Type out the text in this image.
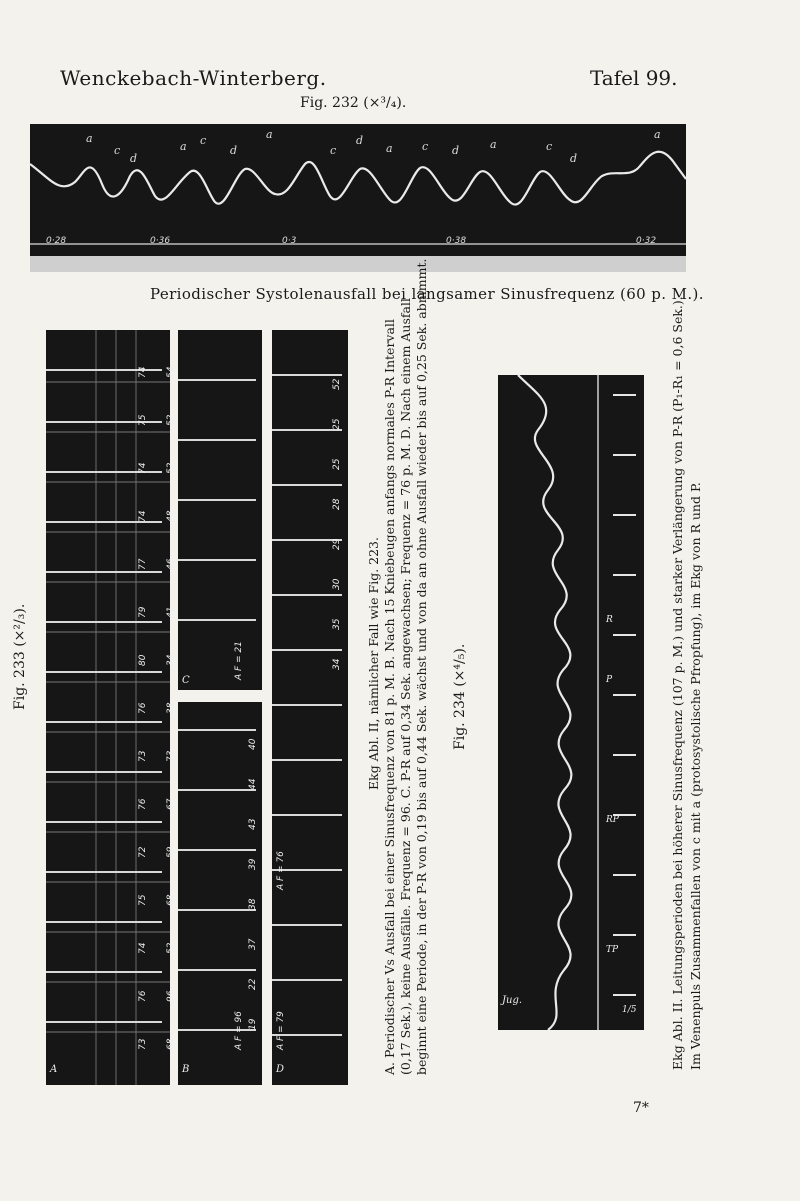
Wenckebach-Winterberg.	Tafel 99.
Fig. 232 (×³/₄).
0·28	0·36	0·3	0·38	0·32
a
c
d
a c
d
a
c
d
a	c d	a	c
d
a
Periodischer Systolenausfall bei langsamer Sinusfrequenz (60 p. M.).
Fig. 233 (×²/₃).
A
73
76
74
75
72
76
73
76
80
79
77
74
74
75
74
68
96
52
68
59
67
73
38
34
41
46
48
52
52
54
C
B
A F = 21
A F = 96 19
22
37
38
39
43
44
40
D
A F = 79
A F = 76
34
35
30
29
28
25
25
52
Ekg Abl. II, nämlicher Fall wie Fig. 223. A. Periodischer Vs Ausfall bei einer Sinusfrequenz von 81 p. M. B. Nach 15 Kniebeugen anfangs normales P-R Intervall (0,17 Sek.), keine Ausfälle. Frequenz = 96. C. P-R auf 0,34 Sek. angewachsen; Frequenz = 76 p. M. D. Nach einem Ausfall beginnt eine Periode, in der P-R von 0,19 bis auf 0,44 Sek. wächst und von da an ohne Ausfall wieder bis auf 0,25 Sek. abnimmt. Fig. 234 (×⁴/₅).
Jug.
1/5
TP
RP
P
R	Ekg Abl. II. Leitungsperioden bei höherer Sinusfrequenz (107 p. M.) und starker Verlängerung von P-R (P₁-R₁ = 0,6 Sek.). Im Venenpuls Zusammenfallen von c mit a (protosystolische Pfropfung), im Ekg von R und P.
7*
